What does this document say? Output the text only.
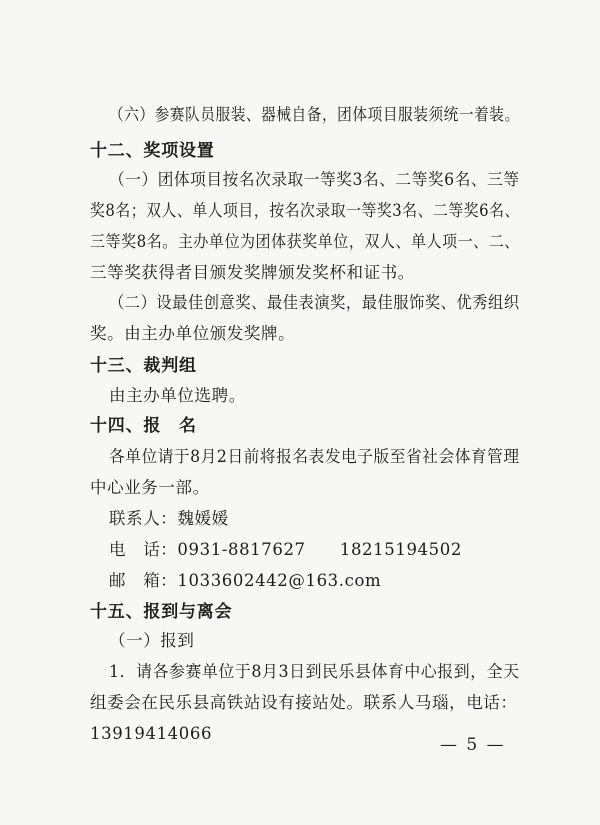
（六）参赛队员服装、器械自备，团体项目服装须统一着装。
十二、奖项设置
（一）团体项目按名次录取一等奖3名、二等奖6名、三等
奖8名；双人、单人项目，按名次录取一等奖3名、二等奖6名、
三等奖8名。主办单位为团体获奖单位，双人、单人项一、二、
三等奖获得者目颁发奖牌颁发奖杯和证书。
（二）设最佳创意奖、最佳表演奖，最佳服饰奖、优秀组织
奖。由主办单位颁发奖牌。
十三、裁判组
由主办单位选聘。
十四、报　名
各单位请于8月2日前将报名表发电子版至省社会体育管理
中心业务一部。
联系人：魏媛媛
电　话：0931-8817627　　18215194502
邮　箱：1033602442@163.com
十五、报到与离会
（一）报到
1．请各参赛单位于8月3日到民乐县体育中心报到，全天
组委会在民乐县高铁站设有接站处。联系人马瑙，电话：
13919414066
— 5 —
